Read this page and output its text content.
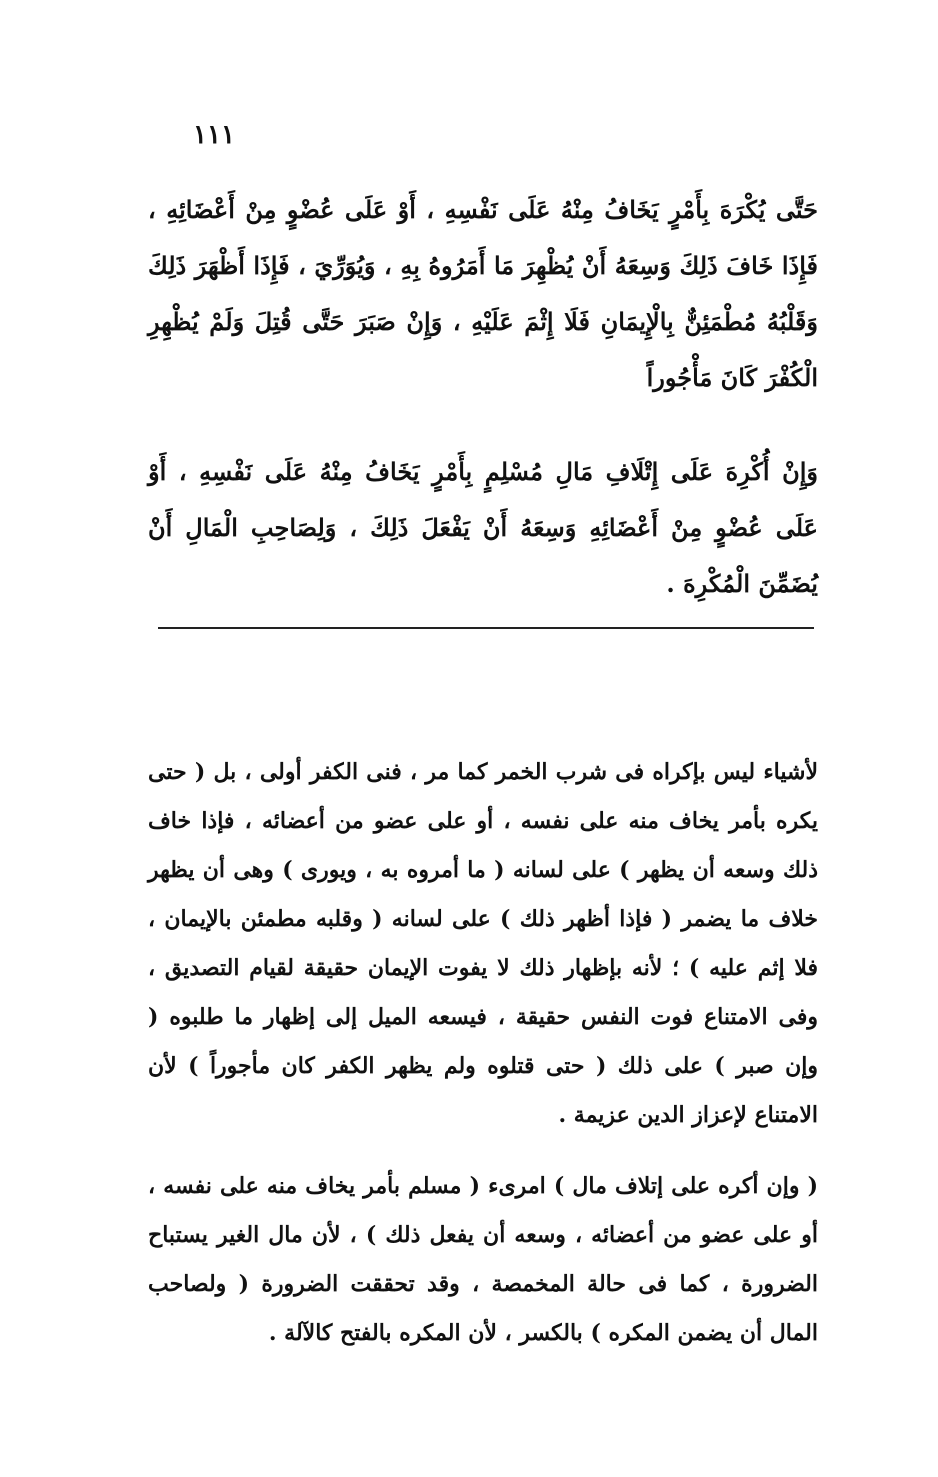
١١١

حَتَّى يُكْرَهَ بِأَمْرٍ يَخَافُ مِنْهُ عَلَى نَفْسِهِ ، أَوْ عَلَى عُضْوٍ مِنْ أَعْضَائِهِ ، فَإِذَا خَافَ ذَلِكَ وَسِعَهُ أَنْ يُظْهِرَ مَا أَمَرُوهُ بِهِ ، وَيُوَرِّيَ ، فَإِذَا أَظْهَرَ ذَلِكَ وَقَلْبُهُ مُطْمَئِنٌّ بِالْإِيمَانِ فَلَا إِثْمَ عَلَيْهِ ، وَإِنْ صَبَرَ حَتَّى قُتِلَ وَلَمْ يُظْهِرِ الْكُفْرَ كَانَ مَأْجُوراً

وَإِنْ أُكْرِهَ عَلَى إِتْلَافِ مَالِ مُسْلِمٍ بِأَمْرٍ يَخَافُ مِنْهُ عَلَى نَفْسِهِ ، أَوْ عَلَى عُضْوٍ مِنْ أَعْضَائِهِ وَسِعَهُ أَنْ يَفْعَلَ ذَلِكَ ، وَلِصَاحِبِ الْمَالِ أَنْ يُضَمِّنَ الْمُكْرِهَ .

لأشياء ليس بإكراه فى شرب الخمر كما مر ، فنى الكفر أولى ، بل ( حتى يكره بأمر يخاف منه على نفسه ، أو على عضو من أعضائه ، فإذا خاف ذلك وسعه أن يظهر ) على لسانه ( ما أمروه به ، ويورى ) وهى أن يظهر خلاف ما يضمر ( فإذا أظهر ذلك ) على لسانه ( وقلبه مطمئن بالإيمان ، فلا إثم عليه ) ؛ لأنه بإظهار ذلك لا يفوت الإيمان حقيقة لقيام التصديق ، وفى الامتناع فوت النفس حقيقة ، فيسعه الميل إلى إظهار ما طلبوه ( وإن صبر ) على ذلك ( حتى قتلوه ولم يظهر الكفر كان مأجوراً ) لأن الامتناع لإعزاز الدين عزيمة .

( وإن أكره على إتلاف مال ) امرىء ( مسلم بأمر يخاف منه على نفسه ، أو على عضو من أعضائه ، وسعه أن يفعل ذلك ) ، لأن مال الغير يستباح الضرورة ، كما فى حالة المخمصة ، وقد تحققت الضرورة ( ولصاحب المال أن يضمن المكره ) بالكسر ، لأن المكره بالفتح كالآلة .
